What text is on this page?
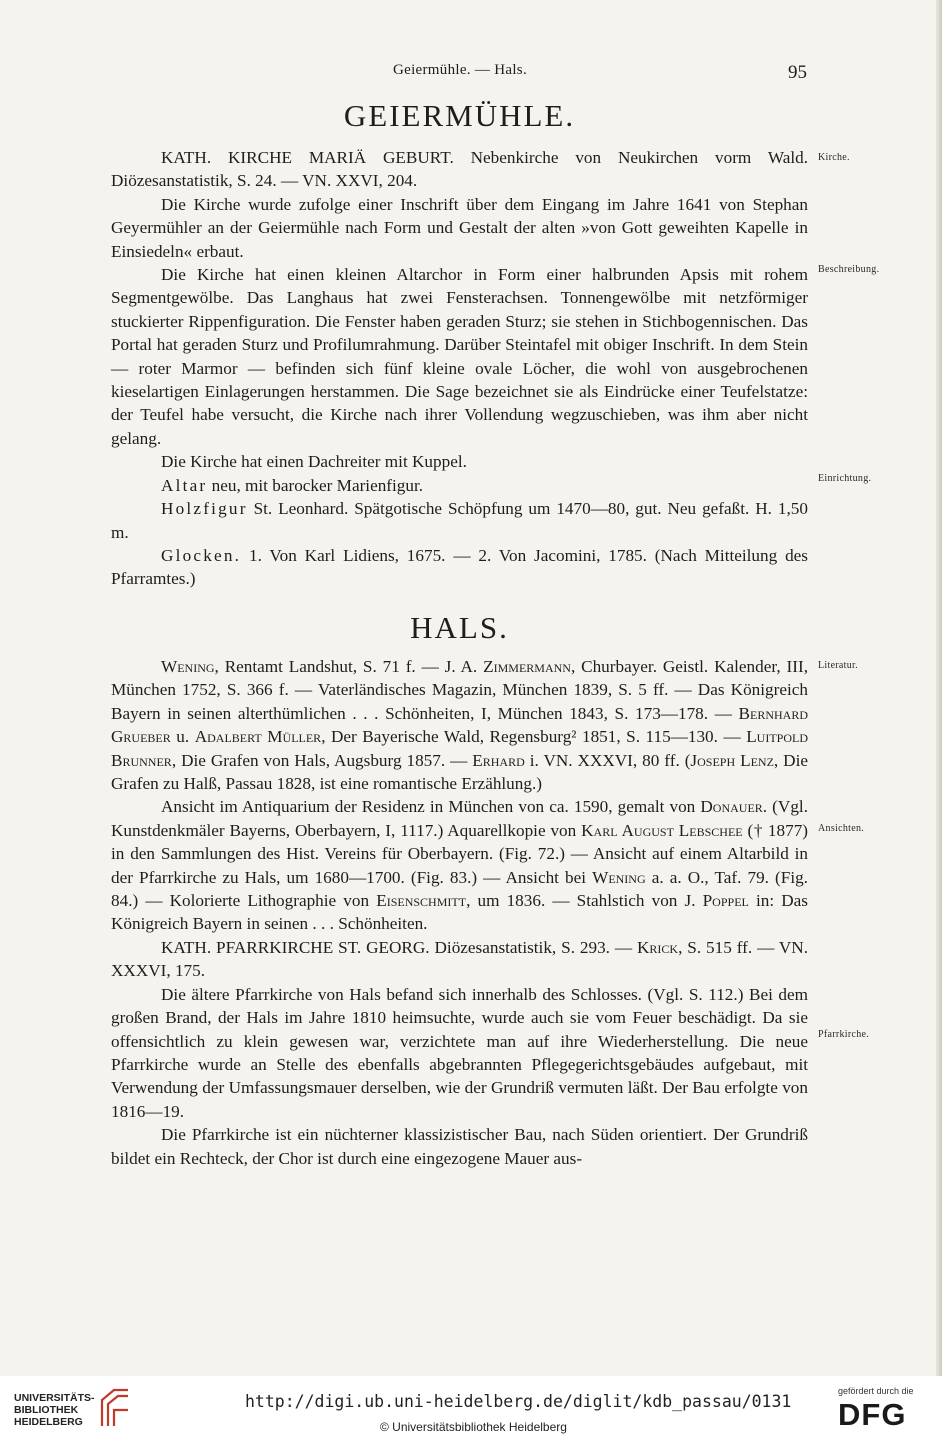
Geiermühle. — Hals.	95
GEIERMÜHLE.

KATH. KIRCHE MARIÄ GEBURT. Nebenkirche von Neukirchen vorm Wald. Diözesanstatistik, S. 24. — VN. XXVI, 204.

Die Kirche wurde zufolge einer Inschrift über dem Eingang im Jahre 1641 von Stephan Geyermühler an der Geiermühle nach Form und Gestalt der alten »von Gott geweihten Kapelle in Einsiedeln« erbaut.

Die Kirche hat einen kleinen Altarchor in Form einer halbrunden Apsis mit rohem Segmentgewölbe. Das Langhaus hat zwei Fensterachsen. Tonnengewölbe mit netzförmiger stuckierter Rippenfiguration. Die Fenster haben geraden Sturz; sie stehen in Stichbogennischen. Das Portal hat geraden Sturz und Profilumrahmung. Darüber Steintafel mit obiger Inschrift. In dem Stein — roter Marmor — befinden sich fünf kleine ovale Löcher, die wohl von ausgebrochenen kieselartigen Einlagerungen herstammen. Die Sage bezeichnet sie als Eindrücke einer Teufelstatze: der Teufel habe versucht, die Kirche nach ihrer Vollendung wegzuschieben, was ihm aber nicht gelang.

Die Kirche hat einen Dachreiter mit Kuppel.

Altar neu, mit barocker Marienfigur.

Holzfigur St. Leonhard. Spätgotische Schöpfung um 1470—80, gut. Neu gefaßt. H. 1,50 m.

Glocken. 1. Von Karl Lidiens, 1675. — 2. Von Jacomini, 1785. (Nach Mitteilung des Pfarramtes.)

HALS.

Wening, Rentamt Landshut, S. 71 f. — J. A. Zimmermann, Churbayer. Geistl. Kalender, III, München 1752, S. 366 f. — Vaterländisches Magazin, München 1839, S. 5 ff. — Das Königreich Bayern in seinen alterthümlichen . . . Schönheiten, I, München 1843, S. 173—178. — Bernhard Grueber u. Adalbert Müller, Der Bayerische Wald, Regensburg² 1851, S. 115—130. — Luitpold Brunner, Die Grafen von Hals, Augsburg 1857. — Erhard i. VN. XXXVI, 80 ff. (Joseph Lenz, Die Grafen zu Halß, Passau 1828, ist eine romantische Erzählung.)

Ansicht im Antiquarium der Residenz in München von ca. 1590, gemalt von Donauer. (Vgl. Kunstdenkmäler Bayerns, Oberbayern, I, 1117.) Aquarellkopie von Karl August Lebschee († 1877) in den Sammlungen des Hist. Vereins für Oberbayern. (Fig. 72.) — Ansicht auf einem Altarbild in der Pfarrkirche zu Hals, um 1680—1700. (Fig. 83.) — Ansicht bei Wening a. a. O., Taf. 79. (Fig. 84.) — Kolorierte Lithographie von Eisenschmitt, um 1836. — Stahlstich von J. Poppel in: Das Königreich Bayern in seinen . . . Schönheiten.

KATH. PFARRKIRCHE ST. GEORG. Diözesanstatistik, S. 293. — Krick, S. 515 ff. — VN. XXXVI, 175.

Die ältere Pfarrkirche von Hals befand sich innerhalb des Schlosses. (Vgl. S. 112.) Bei dem großen Brand, der Hals im Jahre 1810 heimsuchte, wurde auch sie vom Feuer beschädigt. Da sie offensichtlich zu klein gewesen war, verzichtete man auf ihre Wiederherstellung. Die neue Pfarrkirche wurde an Stelle des ebenfalls abgebrannten Pflegegerichtsgebäudes aufgebaut, mit Verwendung der Umfassungsmauer derselben, wie der Grundriß vermuten läßt. Der Bau erfolgte von 1816—19.

Die Pfarrkirche ist ein nüchterner klassizistischer Bau, nach Süden orientiert. Der Grundriß bildet ein Rechteck, der Chor ist durch eine eingezogene Mauer aus-

Kirche.
Beschreibung.
Einrichtung.
Literatur.
Ansichten.
Pfarrkirche.
UNIVERSITÄTS-
BIBLIOTHEK
HEIDELBERG
http://digi.ub.uni-heidelberg.de/diglit/kdb_passau/0131
© Universitätsbibliothek Heidelberg
gefördert durch die
DFG
